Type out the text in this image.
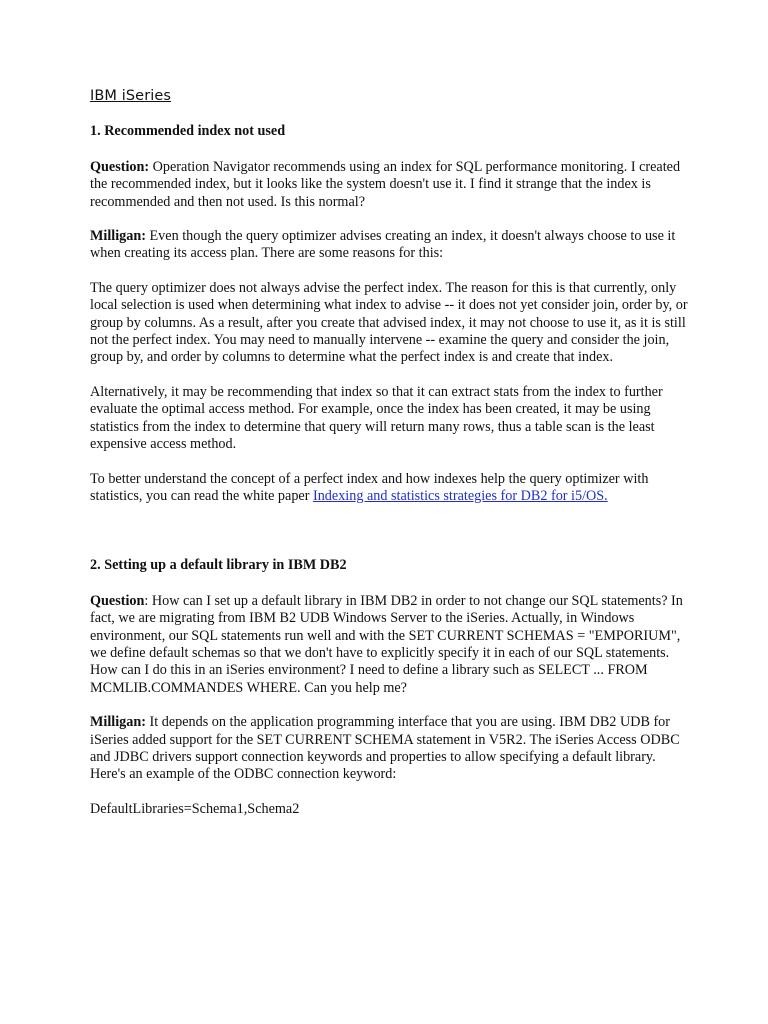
IBM iSeries
1. Recommended index not used

Question: Operation Navigator recommends using an index for SQL performance monitoring. I created the recommended index, but it looks like the system doesn't use it. I find it strange that the index is recommended and then not used. Is this normal?

Milligan: Even though the query optimizer advises creating an index, it doesn't always choose to use it when creating its access plan. There are some reasons for this:

The query optimizer does not always advise the perfect index. The reason for this is that currently, only local selection is used when determining what index to advise -- it does not yet consider join, order by, or group by columns. As a result, after you create that advised index, it may not choose to use it, as it is still not the perfect index. You may need to manually intervene -- examine the query and consider the join, group by, and order by columns to determine what the perfect index is and create that index.

Alternatively, it may be recommending that index so that it can extract stats from the index to further evaluate the optimal access method. For example, once the index has been created, it may be using statistics from the index to determine that query will return many rows, thus a table scan is the least expensive access method.

To better understand the concept of a perfect index and how indexes help the query optimizer with statistics, you can read the white paper Indexing and statistics strategies for DB2 for i5/OS.

2. Setting up a default library in IBM DB2

Question: How can I set up a default library in IBM DB2 in order to not change our SQL statements? In fact, we are migrating from IBM B2 UDB Windows Server to the iSeries. Actually, in Windows environment, our SQL statements run well and with the SET CURRENT SCHEMAS = "EMPORIUM", we define default schemas so that we don't have to explicitly specify it in each of our SQL statements. How can I do this in an iSeries environment? I need to define a library such as SELECT ... FROM MCMLIB.COMMANDES WHERE. Can you help me?

Milligan: It depends on the application programming interface that you are using. IBM DB2 UDB for iSeries added support for the SET CURRENT SCHEMA statement in V5R2. The iSeries Access ODBC and JDBC drivers support connection keywords and properties to allow specifying a default library. Here's an example of the ODBC connection keyword:

DefaultLibraries=Schema1,Schema2
